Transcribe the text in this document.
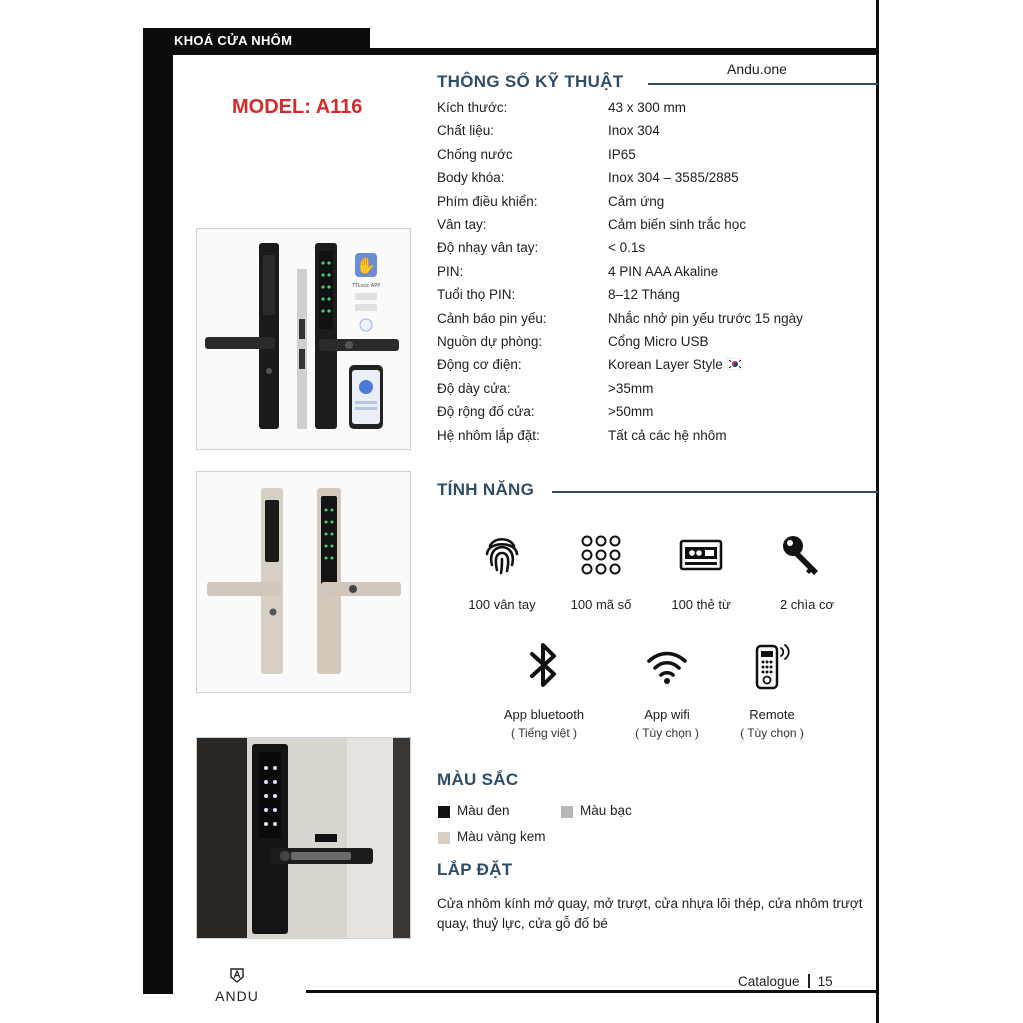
KHOÁ CỬA NHÔM
Andu.one
MODEL: A116
✋
TTLock APP
THÔNG SỐ KỸ THUẬT
Kích thước:	43 x 300 mm
Chất liệu:	Inox 304
Chống nước	IP65
Body khóa:	Inox 304 – 3585/2885
Phím điều khiển:	Cảm ứng
Vân tay:	Cảm biến sinh trắc học
Độ nhạy vân tay:	< 0.1s
PIN:	4 PIN AAA Akaline
Tuổi thọ PIN:	8–12 Tháng
Cảnh báo pin yếu:	Nhắc nhở pin yếu trước 15 ngày
Nguồn dự phòng:	Cổng Micro USB
Động cơ điện:	Korean Layer Style
Độ dày cửa:	>35mm
Độ rộng đố cửa:	>50mm
Hệ nhôm lắp đặt:	Tất cả các hệ nhôm
TÍNH NĂNG
100 vân tay	100 mã số	100 thẻ từ	2 chìa cơ
App bluetooth
( Tiếng việt )
App wifi
( Tùy chọn )
Remote
( Tùy chọn )
MÀU SẮC
Màu đen	Màu bạc
Màu vàng kem
LẮP ĐẶT
Cửa nhôm kính mở quay, mở trượt, cửa nhựa lõi thép, cửa nhôm trượt quay, thuỷ lực, cửa gỗ đố bé
ANDU
Catalogue 15
